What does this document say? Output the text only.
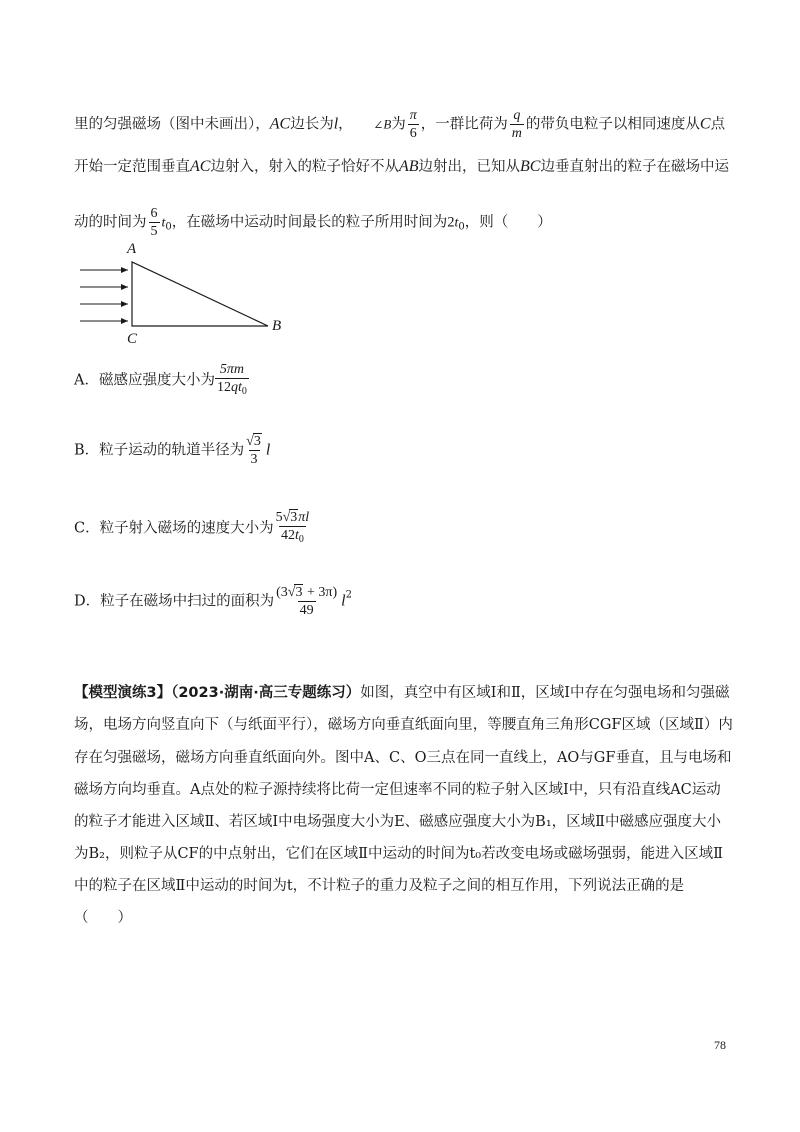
里的匀强磁场（图中未画出），AC边长为l， ∠B为 $\frac{\pi}{6}$ ，一群比荷为 $\frac{q}{m}$ 的带负电粒子以相同速度从C点
开始一定范围垂直AC边射入，射入的粒子恰好不从AB边射出，已知从BC边垂直射出的粒子在磁场中运
动的时间为 $\frac{6}{5} t_0$，在磁场中运动时间最长的粒子所用时间为$2t_0$，则（　　）
A
C
B
A．磁感应强度大小为 $\frac{5\pi m}{12qt_0}$
B．粒子运动的轨道半径为 $\frac{√3}{3}$ l
C．粒子射入磁场的速度大小为 $\frac{5√3\pi l}{42t_0}$
D．粒子在磁场中扫过的面积为 $\frac{(3√3 + 3\pi)}{49} l^2$
【模型演练3】（2023·湖南·高三专题练习）如图，真空中有区域Ⅰ和Ⅱ，区域Ⅰ中存在匀强电场和匀强磁
场，电场方向竖直向下（与纸面平行），磁场方向垂直纸面向里，等腰直角三角形CGF区域（区域Ⅱ）内
存在匀强磁场，磁场方向垂直纸面向外。图中A、C、O三点在同一直线上，AO与GF垂直，且与电场和
磁场方向均垂直。A点处的粒子源持续将比荷一定但速率不同的粒子射入区域Ⅰ中，只有沿直线AC运动
的粒子才能进入区域Ⅱ、若区域Ⅰ中电场强度大小为E、磁感应强度大小为B₁，区域Ⅱ中磁感应强度大小
为B₂，则粒子从CF的中点射出，它们在区域Ⅱ中运动的时间为t₀若改变电场或磁场强弱，能进入区域Ⅱ
中的粒子在区域Ⅱ中运动的时间为t，不计粒子的重力及粒子之间的相互作用，下列说法正确的是
（　　）
78
